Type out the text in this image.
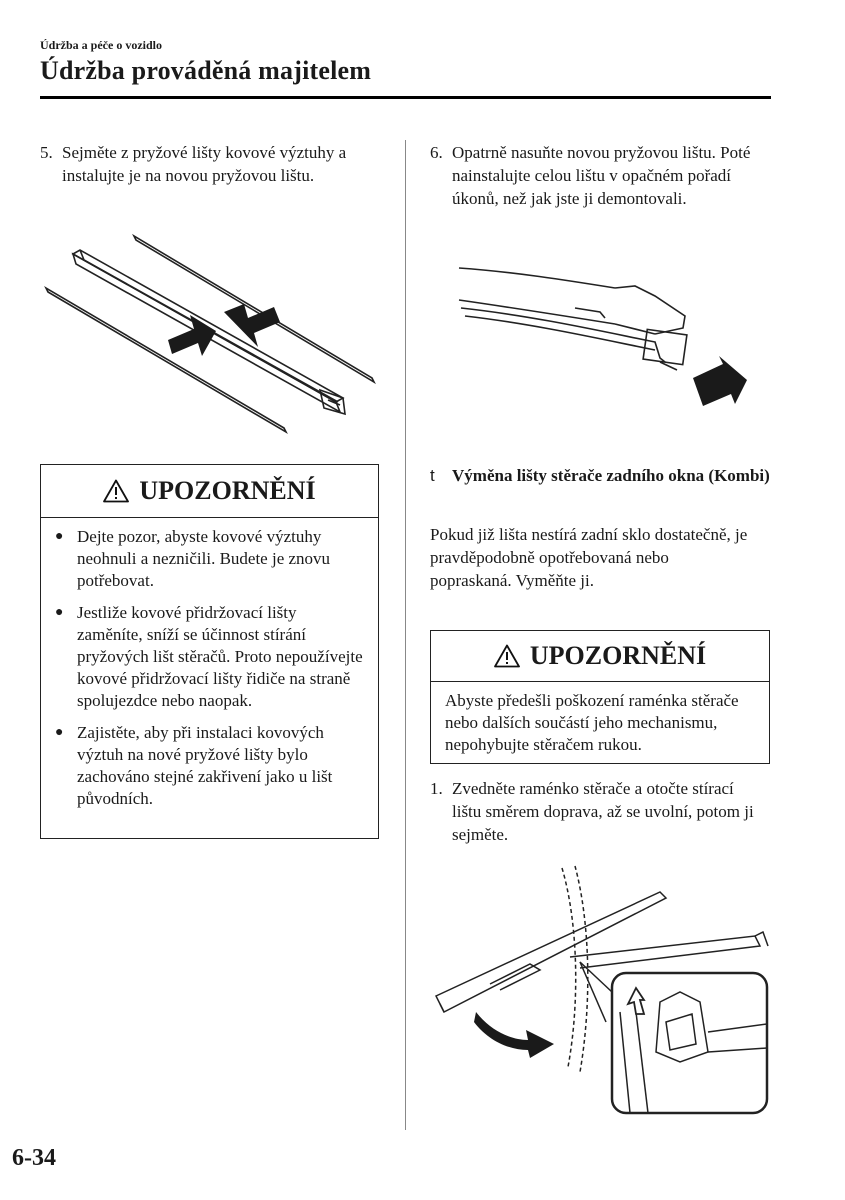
Údržba a péče o vozidlo
Údržba prováděná majitelem
5. Sejměte z pryžové lišty kovové výztuhy a instalujte je na novou pryžovou lištu.
UPOZORNĚNÍ
● Dejte pozor, abyste kovové výztuhy neohnuli a nezničili. Budete je znovu potřebovat.
● Jestliže kovové přidržovací lišty zaměníte, sníží se účinnost stírání pryžových lišt stěračů. Proto nepoužívejte kovové přidržovací lišty řidiče na straně spolujezdce nebo naopak.
● Zajistěte, aby při instalaci kovových výztuh na nové pryžové lišty bylo zachováno stejné zakřivení jako u lišt původních.
6. Opatrně nasuňte novou pryžovou lištu. Poté nainstalujte celou lištu v opačném pořadí úkonů, než jak jste ji demontovali.
t	Výměna lišty stěrače zadního okna (Kombi)
Pokud již lišta nestírá zadní sklo dostatečně, je pravděpodobně opotřebovaná nebo popraskaná. Vyměňte ji.
UPOZORNĚNÍ
Abyste předešli poškození raménka stěrače nebo dalších součástí jeho mechanismu, nepohybujte stěračem rukou.
1. Zvedněte raménko stěrače a otočte stírací lištu směrem doprava, až se uvolní, potom ji sejměte.
6-34
